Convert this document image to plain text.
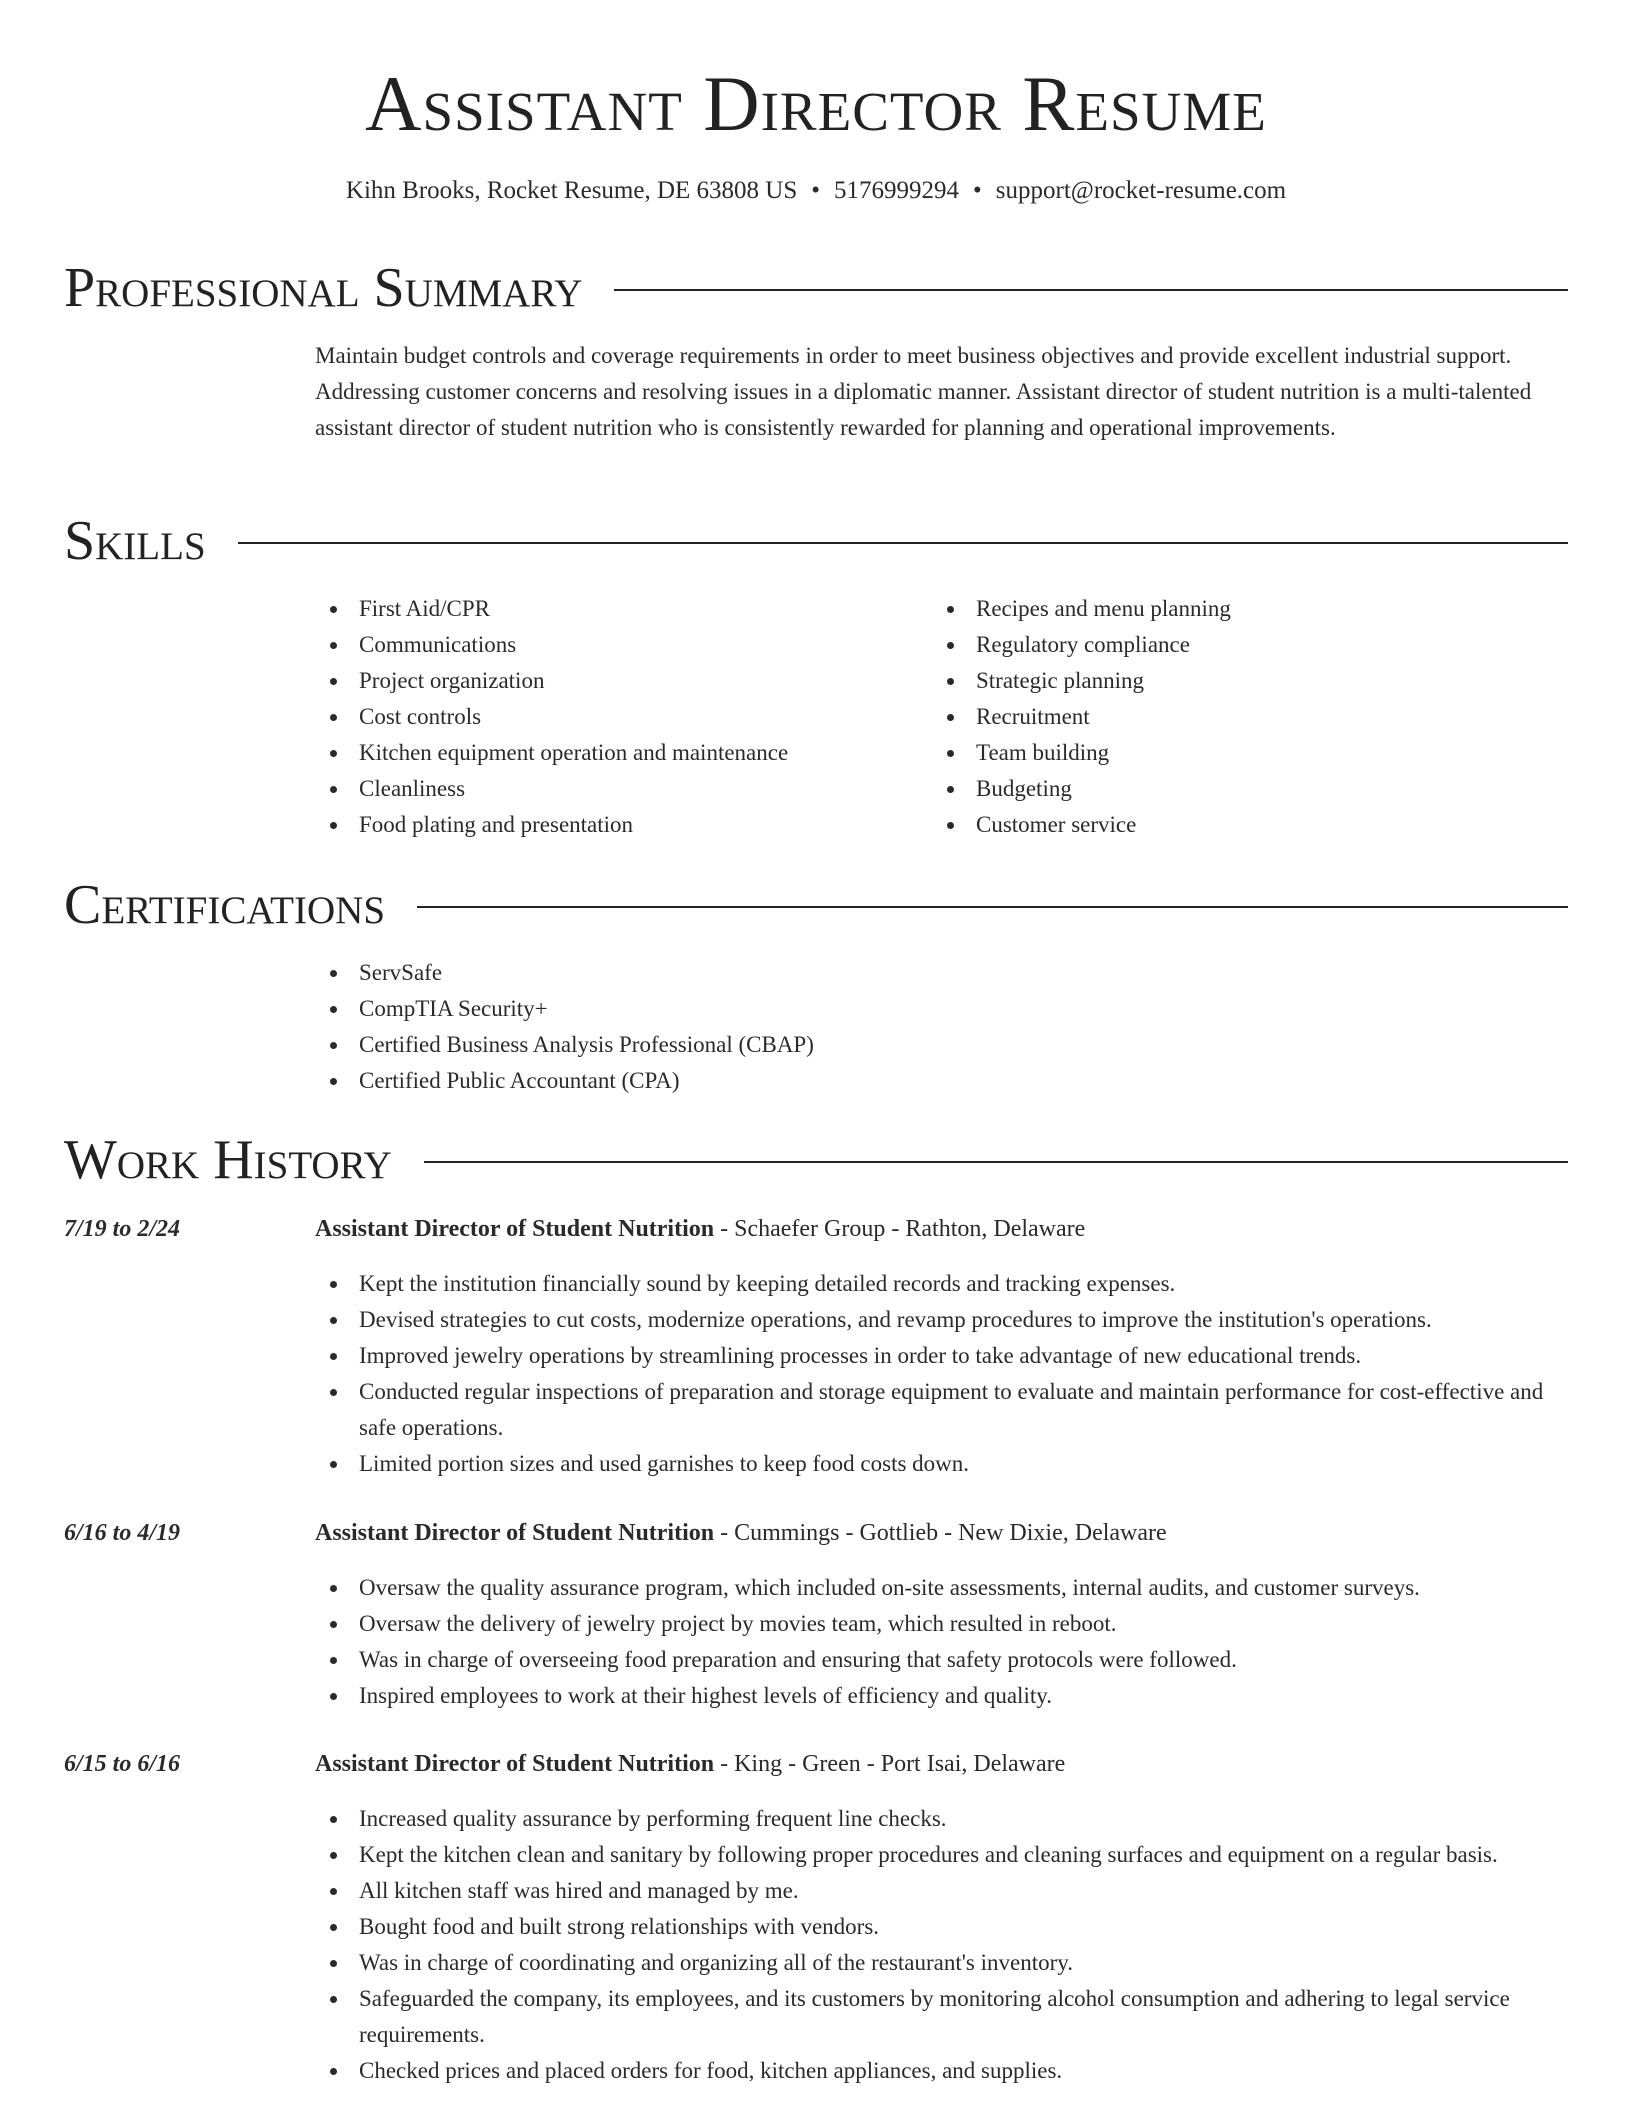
Assistant Director Resume
Kihn Brooks, Rocket Resume, DE 63808 US • 5176999294 • support@rocket-resume.com
Professional Summary
Maintain budget controls and coverage requirements in order to meet business objectives and provide excellent industrial support. Addressing customer concerns and resolving issues in a diplomatic manner. Assistant director of student nutrition is a multi-talented assistant director of student nutrition who is consistently rewarded for planning and operational improvements.
Skills
First Aid/CPR
Communications
Project organization
Cost controls
Kitchen equipment operation and maintenance
Cleanliness
Food plating and presentation
Recipes and menu planning
Regulatory compliance
Strategic planning
Recruitment
Team building
Budgeting
Customer service
Certifications
ServSafe
CompTIA Security+
Certified Business Analysis Professional (CBAP)
Certified Public Accountant (CPA)
Work History
7/19 to 2/24	Assistant Director of Student Nutrition - Schaefer Group - Rathton, Delaware
Kept the institution financially sound by keeping detailed records and tracking expenses.
Devised strategies to cut costs, modernize operations, and revamp procedures to improve the institution's operations.
Improved jewelry operations by streamlining processes in order to take advantage of new educational trends.
Conducted regular inspections of preparation and storage equipment to evaluate and maintain performance for cost-effective and safe operations.
Limited portion sizes and used garnishes to keep food costs down.
6/16 to 4/19	Assistant Director of Student Nutrition - Cummings - Gottlieb - New Dixie, Delaware
Oversaw the quality assurance program, which included on-site assessments, internal audits, and customer surveys.
Oversaw the delivery of jewelry project by movies team, which resulted in reboot.
Was in charge of overseeing food preparation and ensuring that safety protocols were followed.
Inspired employees to work at their highest levels of efficiency and quality.
6/15 to 6/16	Assistant Director of Student Nutrition - King - Green - Port Isai, Delaware
Increased quality assurance by performing frequent line checks.
Kept the kitchen clean and sanitary by following proper procedures and cleaning surfaces and equipment on a regular basis.
All kitchen staff was hired and managed by me.
Bought food and built strong relationships with vendors.
Was in charge of coordinating and organizing all of the restaurant's inventory.
Safeguarded the company, its employees, and its customers by monitoring alcohol consumption and adhering to legal service requirements.
Checked prices and placed orders for food, kitchen appliances, and supplies.
